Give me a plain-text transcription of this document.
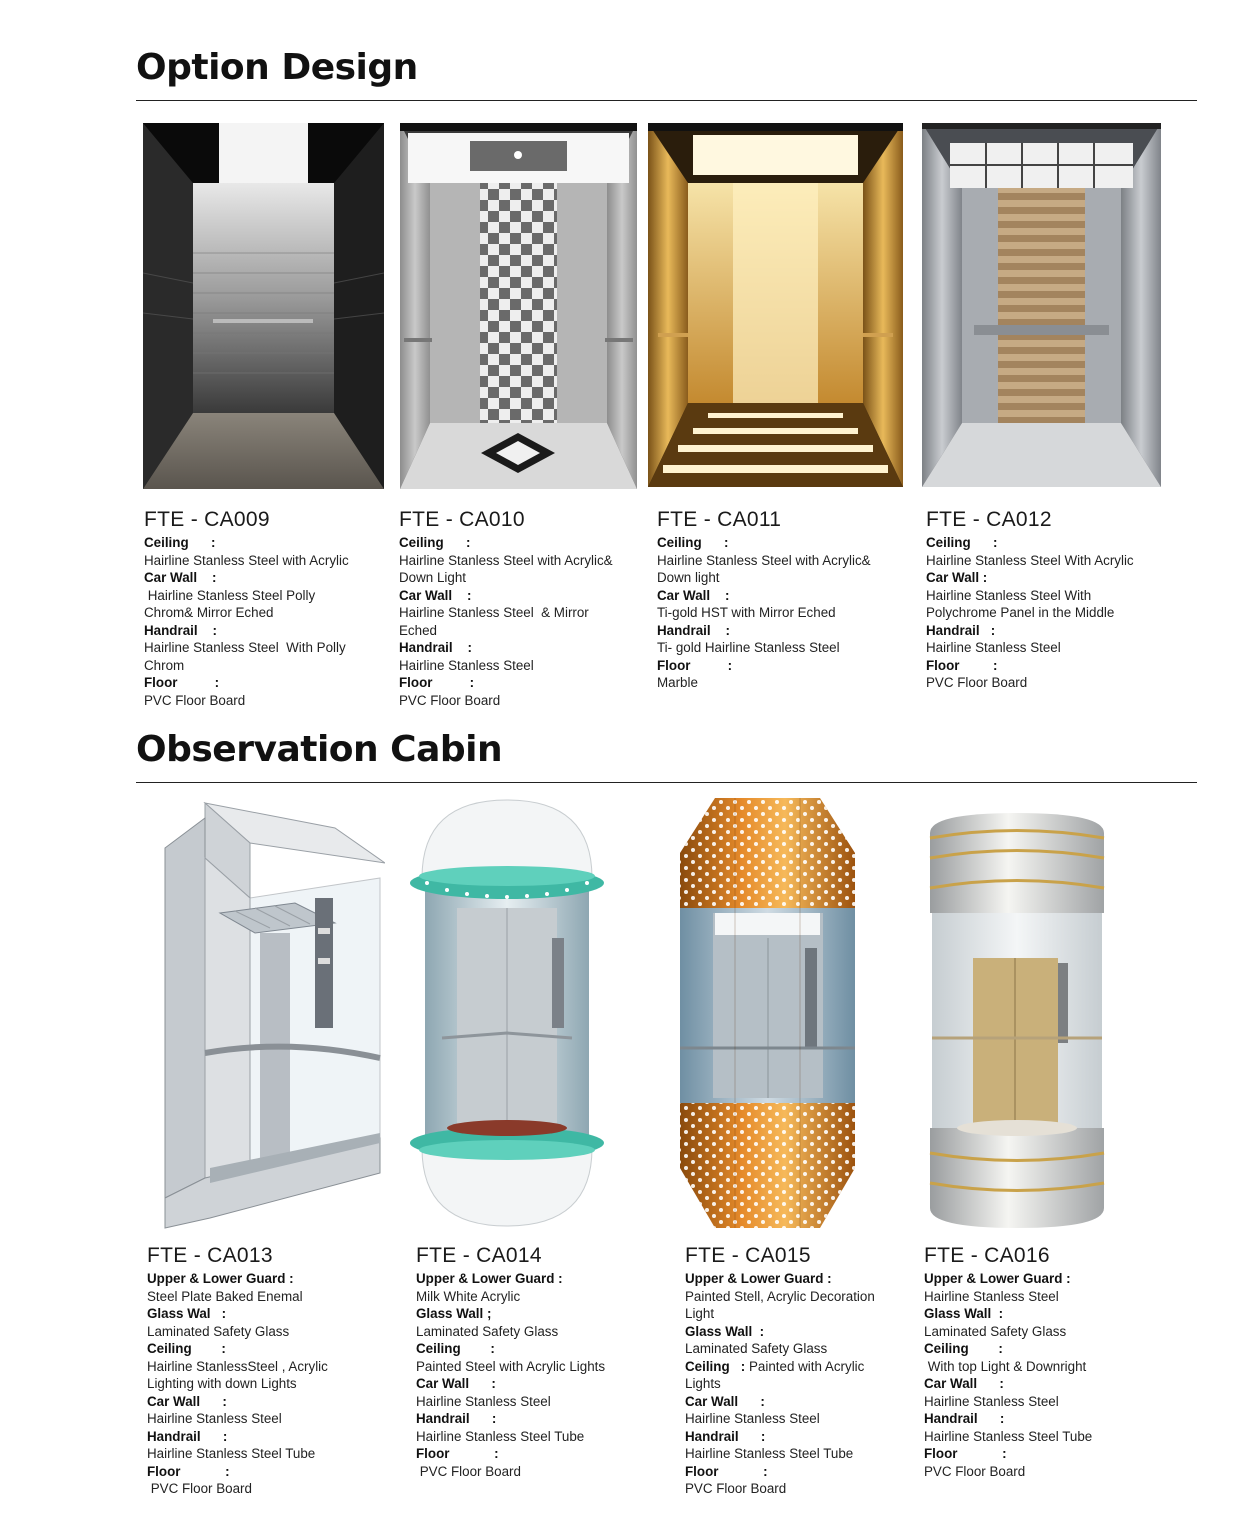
Option Design
FTE - CA009
Ceiling      :
Hairline Stanless Steel with Acrylic
Car Wall    :
Hairline Stanless Steel Polly
Chrom& Mirror Eched
Handrail    :
Hairline Stanless Steel  With Polly
Chrom
Floor          :
PVC Floor Board
FTE - CA010
Ceiling      :
Hairline Stanless Steel with Acrylic&
Down Light
Car Wall    :
Hairline Stanless Steel  & Mirror
Eched
Handrail    :
Hairline Stanless Steel
Floor          :
PVC Floor Board
FTE - CA011
Ceiling      :
Hairline Stanless Steel with Acrylic&
Down light
Car Wall    :
Ti-gold HST with Mirror Eched
Handrail    :
Ti- gold Hairline Stanless Steel
Floor          :
Marble
FTE - CA012
Ceiling      :
Hairline Stanless Steel With Acrylic
Car Wall :
Hairline Stanless Steel With
Polychrome Panel in the Middle
Handrail   :
Hairline Stanless Steel
Floor         :
PVC Floor Board
Observation Cabin
FTE - CA013
Upper & Lower Guard :
Steel Plate Baked Enemal
Glass Wal   :
Laminated Safety Glass
Ceiling        :
Hairline StanlessSteel , Acrylic
Lighting with down Lights
Car Wall      :
Hairline Stanless Steel
Handrail      :
Hairline Stanless Steel Tube
Floor            :
PVC Floor Board
FTE - CA014
Upper & Lower Guard :
Milk White Acrylic
Glass Wall ;
Laminated Safety Glass
Ceiling        :
Painted Steel with Acrylic Lights
Car Wall      :
Hairline Stanless Steel
Handrail      :
Hairline Stanless Steel Tube
Floor            :
PVC Floor Board
FTE - CA015
Upper & Lower Guard :
Painted Stell, Acrylic Decoration
Light
Glass Wall  :
Laminated Safety Glass
Ceiling   : Painted with Acrylic
Lights
Car Wall      :
Hairline Stanless Steel
Handrail      :
Hairline Stanless Steel Tube
Floor            :
PVC Floor Board
FTE - CA016
Upper & Lower Guard :
Hairline Stanless Steel
Glass Wall  :
Laminated Safety Glass
Ceiling        :
With top Light & Downright
Car Wall      :
Hairline Stanless Steel
Handrail      :
Hairline Stanless Steel Tube
Floor            :
PVC Floor Board
